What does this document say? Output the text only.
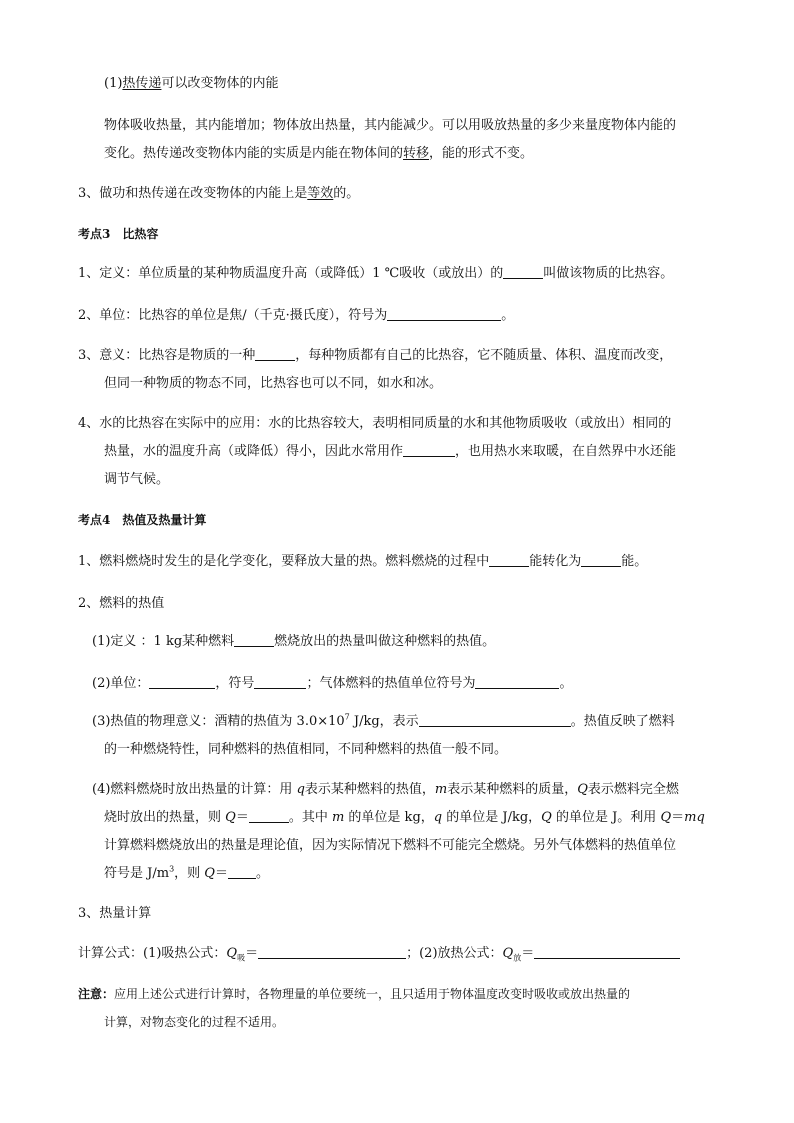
(1)热传递可以改变物体的内能
物体吸收热量，其内能增加；物体放出热量，其内能减少。可以用吸放热量的多少来量度物体内能的
变化。热传递改变物体内能的实质是内能在物体间的转移，能的形式不变。
3、做功和热传递在改变物体的内能上是等效的。
考点3　比热容
1、定义：单位质量的某种物质温度升高（或降低）1 ℃吸收（或放出）的	叫做该物质的比热容。
2、单位：比热容的单位是焦/（千克·摄氏度），符号为	。
3、意义：比热容是物质的一种	，每种物质都有自己的比热容，它不随质量、体积、温度而改变，
但同一种物质的物态不同，比热容也可以不同，如水和冰。
4、水的比热容在实际中的应用：水的比热容较大，表明相同质量的水和其他物质吸收（或放出）相同的
热量，水的温度升高（或降低）得小，因此水常用作	，也用热水来取暖，在自然界中水还能
调节气候。
考点4　热值及热量计算
1、燃料燃烧时发生的是化学变化，要释放大量的热。燃料燃烧的过程中	能转化为	能。
2、燃料的热值
(1)定义 ：1 kg某种燃料	燃烧放出的热量叫做这种燃料的热值。
(2)单位：	，符号	；气体燃料的热值单位符号为	。
(3)热值的物理意义：酒精的热值为 $3.0\times 10^7$ J/kg，表示	。热值反映了燃料
的一种燃烧特性，同种燃料的热值相同，不同种燃料的热值一般不同。
(4)燃料燃烧时放出热量的计算：用 q表示某种燃料的热值，m表示某种燃料的质量，Q表示燃料完全燃
烧时放出的热量，则 Q＝	。其中 m 的单位是 kg，q 的单位是 J/kg，Q 的单位是 J。利用 Q＝mq
计算燃料燃烧放出的热量是理论值，因为实际情况下燃料不可能完全燃烧。另外气体燃料的热值单位
符号是 $J/m^3$，则 Q＝ 。
3、热量计算
计算公式：(1)吸热公式：$Q_吸=$	；(2)放热公式：$Q_放=$
注意：应用上述公式进行计算时，各物理量的单位要统一，且只适用于物体温度改变时吸收或放出热量的
计算，对物态变化的过程不适用。
